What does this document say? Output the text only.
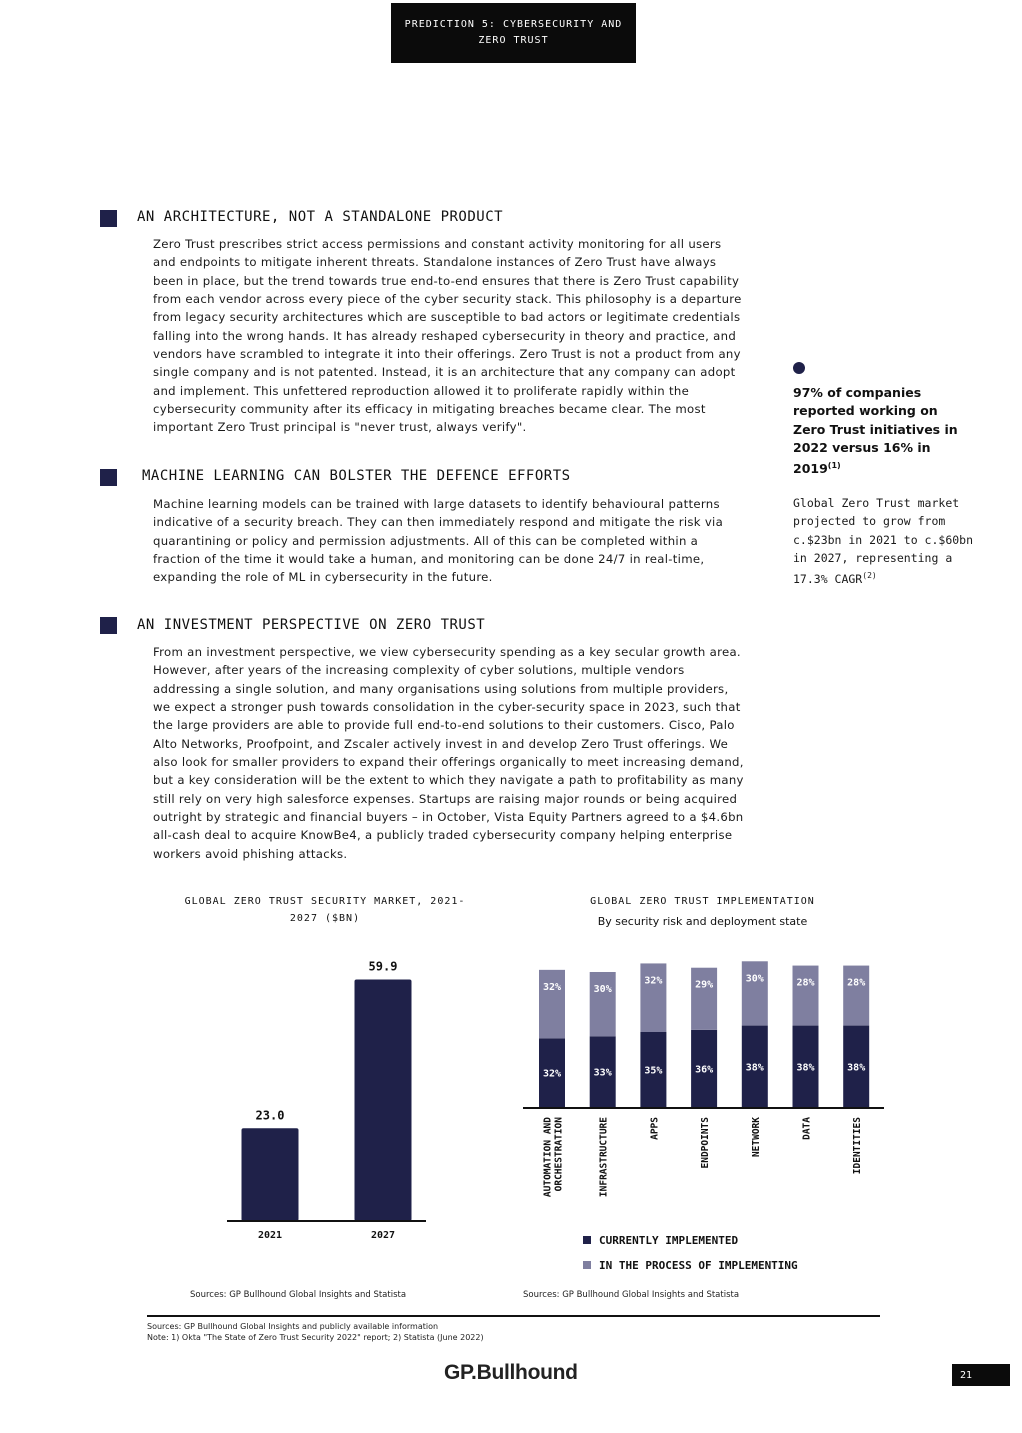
PREDICTION 5: CYBERSECURITY AND
ZERO TRUST
AN ARCHITECTURE, NOT A STANDALONE PRODUCT
Zero Trust prescribes strict access permissions and constant activity monitoring for all users
and endpoints to mitigate inherent threats. Standalone instances of Zero Trust have always
been in place, but the trend towards true end-to-end ensures that there is Zero Trust capability
from each vendor across every piece of the cyber security stack. This philosophy is a departure
from legacy security architectures which are susceptible to bad actors or legitimate credentials
falling into the wrong hands. It has already reshaped cybersecurity in theory and practice, and
vendors have scrambled to integrate it into their offerings. Zero Trust is not a product from any
single company and is not patented. Instead, it is an architecture that any company can adopt
and implement. This unfettered reproduction allowed it to proliferate rapidly within the
cybersecurity community after its efficacy in mitigating breaches became clear. The most
important Zero Trust principal is "never trust, always verify".
MACHINE LEARNING CAN BOLSTER THE DEFENCE EFFORTS
Machine learning models can be trained with large datasets to identify behavioural patterns
indicative of a security breach. They can then immediately respond and mitigate the risk via
quarantining or policy and permission adjustments. All of this can be completed within a
fraction of the time it would take a human, and monitoring can be done 24/7 in real-time,
expanding the role of ML in cybersecurity in the future.
AN INVESTMENT PERSPECTIVE ON ZERO TRUST
From an investment perspective, we view cybersecurity spending as a key secular growth area.
However, after years of the increasing complexity of cyber solutions, multiple vendors
addressing a single solution, and many organisations using solutions from multiple providers,
we expect a stronger push towards consolidation in the cyber-security space in 2023, such that
the large providers are able to provide full end-to-end solutions to their customers. Cisco, Palo
Alto Networks, Proofpoint, and Zscaler actively invest in and develop Zero Trust offerings. We
also look for smaller providers to expand their offerings organically to meet increasing demand,
but a key consideration will be the extent to which they navigate a path to profitability as many
still rely on very high salesforce expenses. Startups are raising major rounds or being acquired
outright by strategic and financial buyers – in October, Vista Equity Partners agreed to a $4.6bn
all-cash deal to acquire KnowBe4, a publicly traded cybersecurity company helping enterprise
workers avoid phishing attacks.
97% of companies reported working on Zero Trust initiatives in 2022 versus 16% in 2019$^{(1)}$
Global Zero Trust market projected to grow from c.$23bn in 2021 to c.$60bn in 2027, representing a 17.3% CAGR$^{(2)}$
GLOBAL ZERO TRUST SECURITY MARKET, 2021-
2027 ($BN)
23.0
2021
59.9
2027
Sources: GP Bullhound Global Insights and Statista
GLOBAL ZERO TRUST IMPLEMENTATION
By security risk and deployment state
32%
32%
AUTOMATION AND ORCHESTRATION
33%
30%
INFRASTRUCTURE
35%
32%
APPS
36%
29%
ENDPOINTS
38%
30%
NETWORK
38%
28%
DATA
38%
28%
IDENTITIES
CURRENTLY IMPLEMENTED
IN THE PROCESS OF IMPLEMENTING
Sources: GP Bullhound Global Insights and Statista
Sources: GP Bullhound Global Insights and publicly available information
Note: 1) Okta "The State of Zero Trust Security 2022" report; 2) Statista (June 2022)
GP.Bullhound	21
